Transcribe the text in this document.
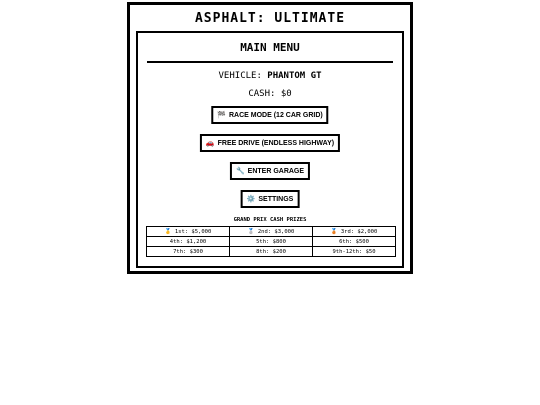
ASPHALT: ULTIMATE
MAIN MENU
VEHICLE: PHANTOM GT
CASH: $0
🏁 RACE MODE (12 CAR GRID)
🚗 FREE DRIVE (ENDLESS HIGHWAY)
🔧 ENTER GARAGE
⚙️ SETTINGS
GRAND PRIX CASH PRIZES
🥇 1st: $5,000	🥈 2nd: $3,000	🥉 3rd: $2,000
4th: $1,200	5th: $800	6th: $500
7th: $300	8th: $200	9th-12th: $50
